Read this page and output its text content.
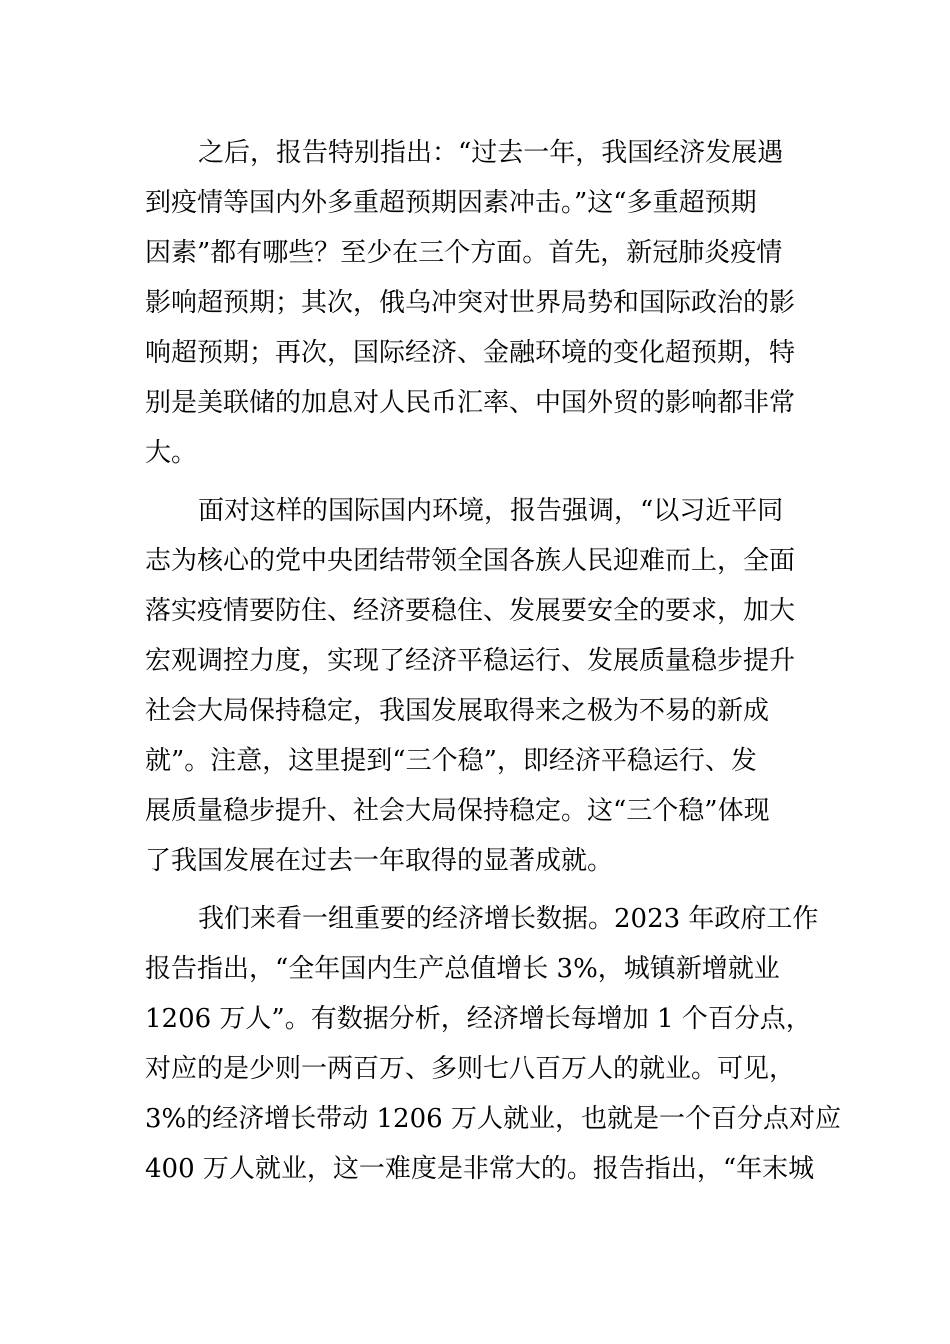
之后，报告特别指出：“过去一年，我国经济发展遇
到疫情等国内外多重超预期因素冲击。”这“多重超预期
因素”都有哪些？至少在三个方面。首先，新冠肺炎疫情
影响超预期；其次，俄乌冲突对世界局势和国际政治的影
响超预期；再次，国际经济、金融环境的变化超预期，特
别是美联储的加息对人民币汇率、中国外贸的影响都非常
大。
面对这样的国际国内环境，报告强调，“以习近平同
志为核心的党中央团结带领全国各族人民迎难而上，全面
落实疫情要防住、经济要稳住、发展要安全的要求，加大
宏观调控力度，实现了经济平稳运行、发展质量稳步提升
社会大局保持稳定，我国发展取得来之极为不易的新成
就”。注意，这里提到“三个稳”，即经济平稳运行、发
展质量稳步提升、社会大局保持稳定。这“三个稳”体现
了我国发展在过去一年取得的显著成就。
我们来看一组重要的经济增长数据。2023 年政府工作
报告指出，“全年国内生产总值增长 3%，城镇新增就业
1206 万人”。有数据分析，经济增长每增加 1 个百分点，
对应的是少则一两百万、多则七八百万人的就业。可见，
3%的经济增长带动 1206 万人就业，也就是一个百分点对应
400 万人就业，这一难度是非常大的。报告指出，“年末城
